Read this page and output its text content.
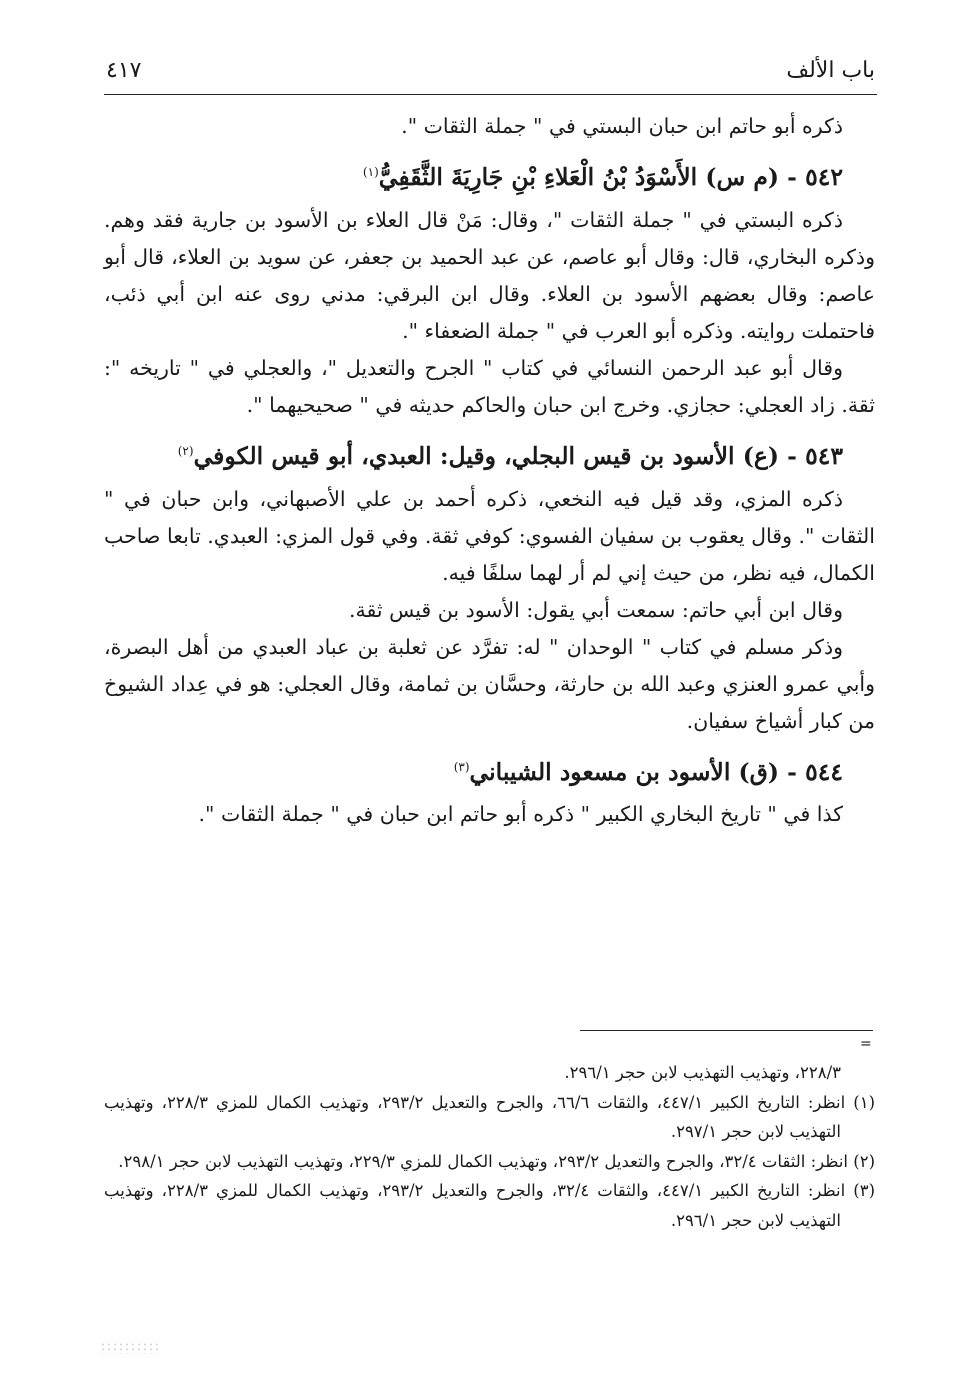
باب الألف
٤١٧

ذكره أبو حاتم ابن حبان البستي في " جملة الثقات ".

٥٤٢ - (م س) الأَسْوَدُ بْنُ الْعَلاءِ بْنِ جَارِيَةَ الثَّقَفِيُّ$^{(١)}$

ذكره البستي في " جملة الثقات "، وقال: مَنْ قال العلاء بن الأسود بن جارية فقد وهم. وذكره البخاري، قال: وقال أبو عاصم، عن عبد الحميد بن جعفر، عن سويد بن العلاء، قال أبو عاصم: وقال بعضهم الأسود بن العلاء. وقال ابن البرقي: مدني روى عنه ابن أبي ذئب، فاحتملت روايته. وذكره أبو العرب في " جملة الضعفاء ".

وقال أبو عبد الرحمن النسائي في كتاب " الجرح والتعديل "، والعجلي في " تاريخه ": ثقة. زاد العجلي: حجازي. وخرج ابن حبان والحاكم حديثه في " صحيحيهما ".

٥٤٣ - (ع) الأسود بن قيس البجلي، وقيل: العبدي، أبو قيس الكوفي$^{(٢)}$

ذكره المزي، وقد قيل فيه النخعي، ذكره أحمد بن علي الأصبهاني، وابن حبان في " الثقات ". وقال يعقوب بن سفيان الفسوي: كوفي ثقة. وفي قول المزي: العبدي. تابعا صاحب الكمال، فيه نظر، من حيث إني لم أر لهما سلفًا فيه.

وقال ابن أبي حاتم: سمعت أبي يقول: الأسود بن قيس ثقة.

وذكر مسلم في كتاب " الوحدان " له: تفرَّد عن ثعلبة بن عباد العبدي من أهل البصرة، وأبي عمرو العنزي وعبد الله بن حارثة، وحسَّان بن ثمامة، وقال العجلي: هو في عِداد الشيوخ من كبار أشياخ سفيان.

٥٤٤ - (ق) الأسود بن مسعود الشيباني$^{(٣)}$

كذا في " تاريخ البخاري الكبير " ذكره أبو حاتم ابن حبان في " جملة الثقات ".

=

٢٢٨/٣، وتهذيب التهذيب لابن حجر ٢٩٦/١.

(١) انظر: التاريخ الكبير ٤٤٧/١، والثقات ٦٦/٦، والجرح والتعديل ٢٩٣/٢، وتهذيب الكمال للمزي ٢٢٨/٣، وتهذيب التهذيب لابن حجر ٢٩٧/١.

(٢) انظر: الثقات ٣٢/٤، والجرح والتعديل ٢٩٣/٢، وتهذيب الكمال للمزي ٢٢٩/٣، وتهذيب التهذيب لابن حجر ٢٩٨/١.

(٣) انظر: التاريخ الكبير ٤٤٧/١، والثقات ٣٢/٤، والجرح والتعديل ٢٩٣/٢، وتهذيب الكمال للمزي ٢٢٨/٣، وتهذيب التهذيب لابن حجر ٢٩٦/١.
